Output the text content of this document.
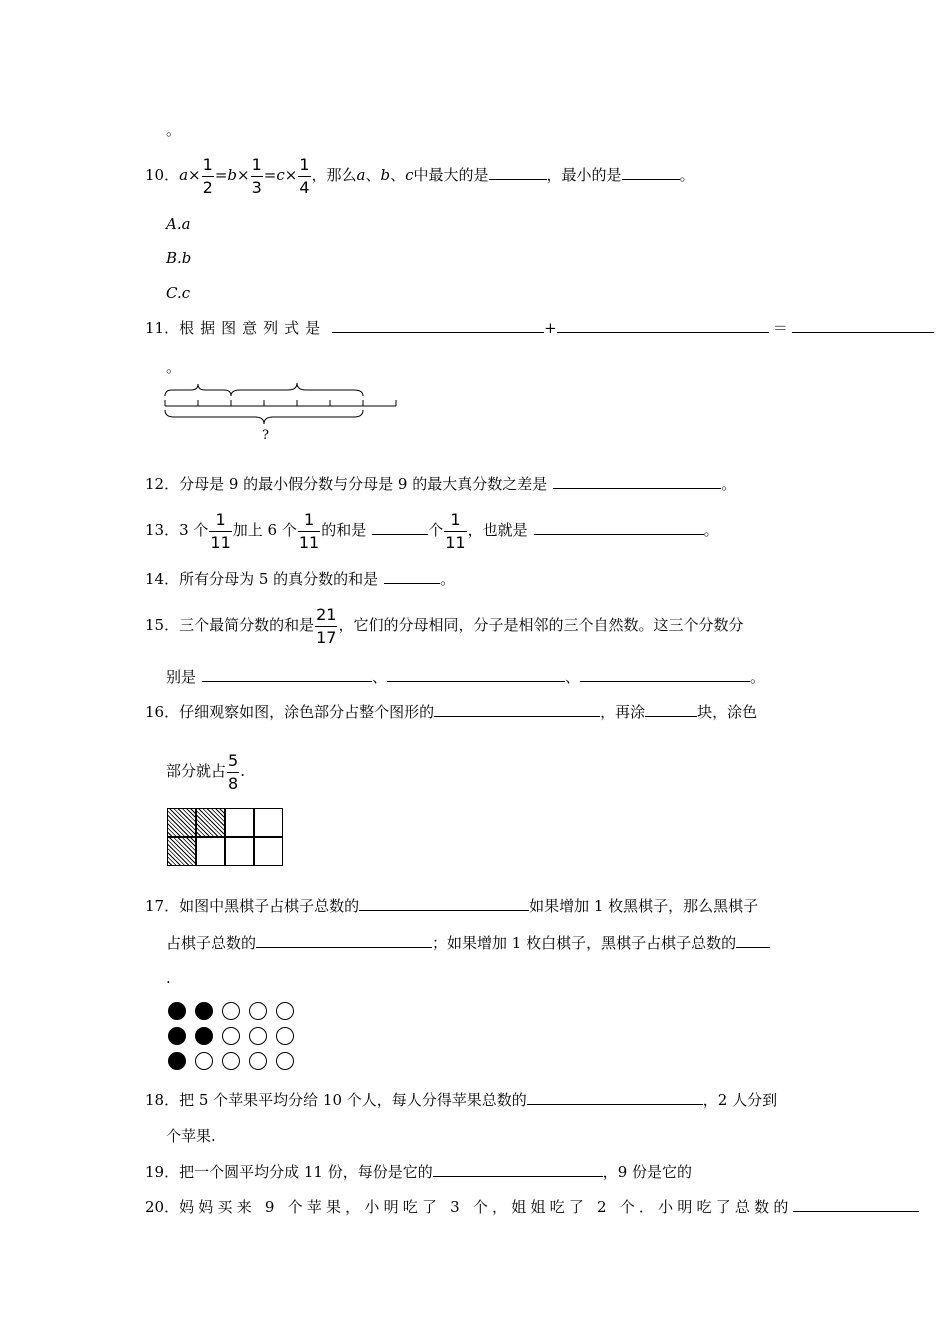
。
10．$a\times \frac{1}{2} =b\times \frac{1}{3} =c\times \frac{1}{4}$ ，那么a、b、c中最大的是	，最小的是	。
A.a
B.b
C.c
11．根据图意列式是	+	＝
。
?
12．分母是 9 的最小假分数与分母是 9 的最大真分数之差是	。
13．3 个 $\frac{1}{11}$ 加上 6 个 $\frac{1}{11}$ 的和是	个 $\frac{1}{11}$ ，也就是	。
14．所有分母为 5 的真分数的和是	。
15．三个最简分数的和是 $\frac{21}{17}$ ，它们的分母相同，分子是相邻的三个自然数。这三个分数分
别是	、	、	。
16．仔细观察如图，涂色部分占整个图形的	，再涂	块，涂色
部分就占 $\frac{5}{8}$ .
17．如图中黑棋子占棋子总数的	如果增加 1 枚黑棋子，那么黑棋子
占棋子总数的	；如果增加 1 枚白棋子，黑棋子占棋子总数的
.
18．把 5 个苹果平均分给 10 个人，每人分得苹果总数的	，2 人分到
个苹果.
19．把一个圆平均分成 11 份，每份是它的	，9 份是它的
20．妈妈买来 9 个苹果，小明吃了 3 个，姐姐吃了 2 个．小明吃了总数的
